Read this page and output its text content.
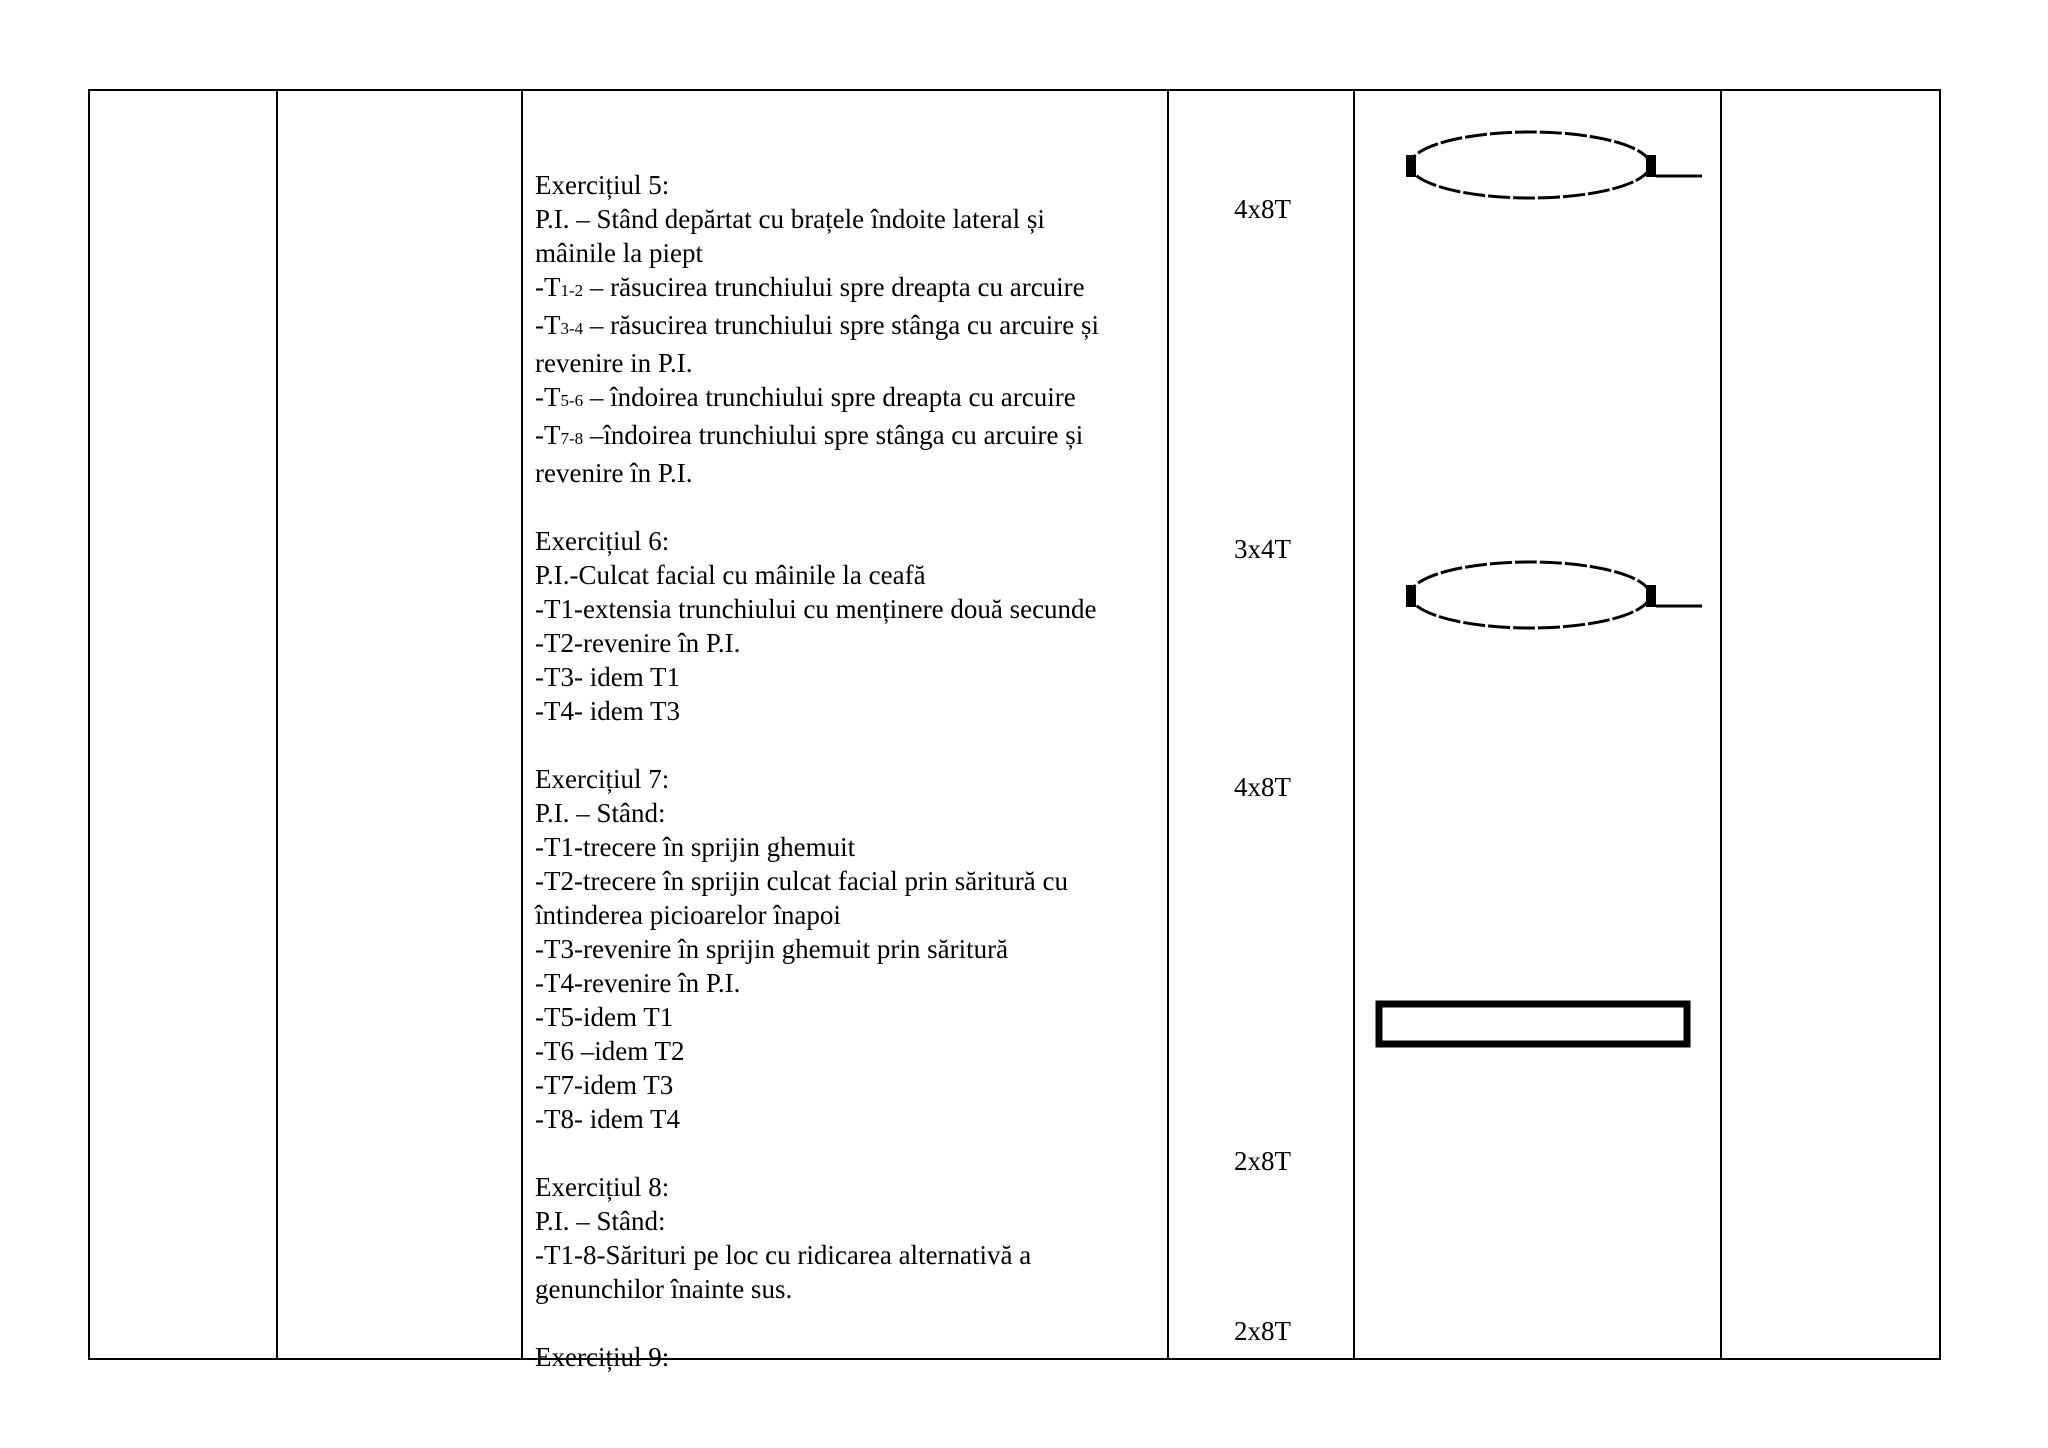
Exercițiul 5:
P.I. – Stând depărtat cu brațele îndoite lateral și
mâinile la piept
-T1-2 – răsucirea trunchiului spre dreapta cu arcuire
-T3-4 – răsucirea trunchiului spre stânga cu arcuire și
revenire in P.I.
-T5-6 – îndoirea trunchiului spre dreapta cu arcuire
-T7-8 –îndoirea trunchiului spre stânga cu arcuire și
revenire în P.I.
Exercițiul 6:
P.I.-Culcat facial cu mâinile la ceafă
-T1-extensia trunchiului cu menținere două secunde
-T2-revenire în P.I.
-T3- idem T1
-T4- idem T3
Exercițiul 7:
P.I. – Stând:
-T1-trecere în sprijin ghemuit
-T2-trecere în sprijin culcat facial prin săritură cu
întinderea picioarelor înapoi
-T3-revenire în sprijin ghemuit prin săritură
-T4-revenire în P.I.
-T5-idem T1
-T6 –idem T2
-T7-idem T3
-T8- idem T4
Exercițiul 8:
P.I. – Stând:
-T1-8-Sărituri pe loc cu ridicarea alternativă a
genunchilor înainte sus.
Exercițiul 9:
4x8T
3x4T
4x8T
2x8T
2x8T
